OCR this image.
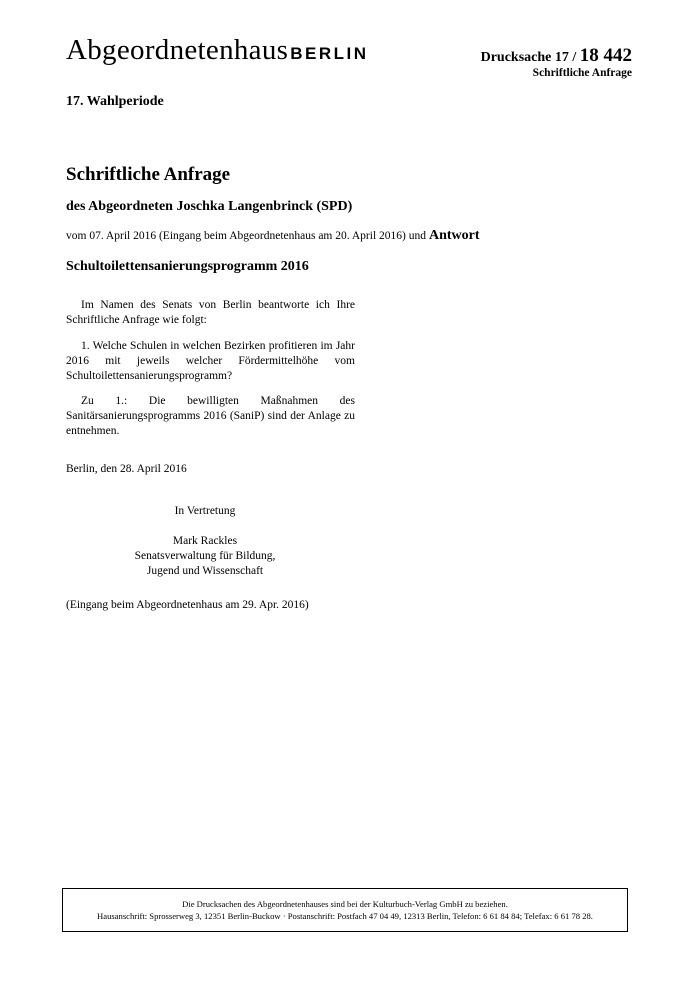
Abgeordnetenhaus BERLIN	Drucksache 17 / 18 442
Schriftliche Anfrage
17. Wahlperiode
Schriftliche Anfrage
des Abgeordneten Joschka Langenbrinck (SPD)
vom 07. April 2016 (Eingang beim Abgeordnetenhaus am 20. April 2016) und Antwort
Schultoilettensanierungsprogramm 2016

Im Namen des Senats von Berlin beantworte ich Ihre Schriftliche Anfrage wie folgt:

1. Welche Schulen in welchen Bezirken profitieren im Jahr 2016 mit jeweils welcher Fördermittelhöhe vom Schultoilettensanierungsprogramm?

Zu 1.: Die bewilligten Maßnahmen des Sanitärsanierungsprogramms 2016 (SaniP) sind der Anlage zu entnehmen.

Berlin, den 28. April 2016
In Vertretung
Mark Rackles
Senatsverwaltung für Bildung,
Jugend und Wissenschaft
(Eingang beim Abgeordnetenhaus am 29. Apr. 2016)
Die Drucksachen des Abgeordnetenhauses sind bei der Kulturbuch-Verlag GmbH zu beziehen.
Hausanschrift: Sprosserweg 3, 12351 Berlin-Buckow · Postanschrift: Postfach 47 04 49, 12313 Berlin, Telefon: 6 61 84 84; Telefax: 6 61 78 28.
